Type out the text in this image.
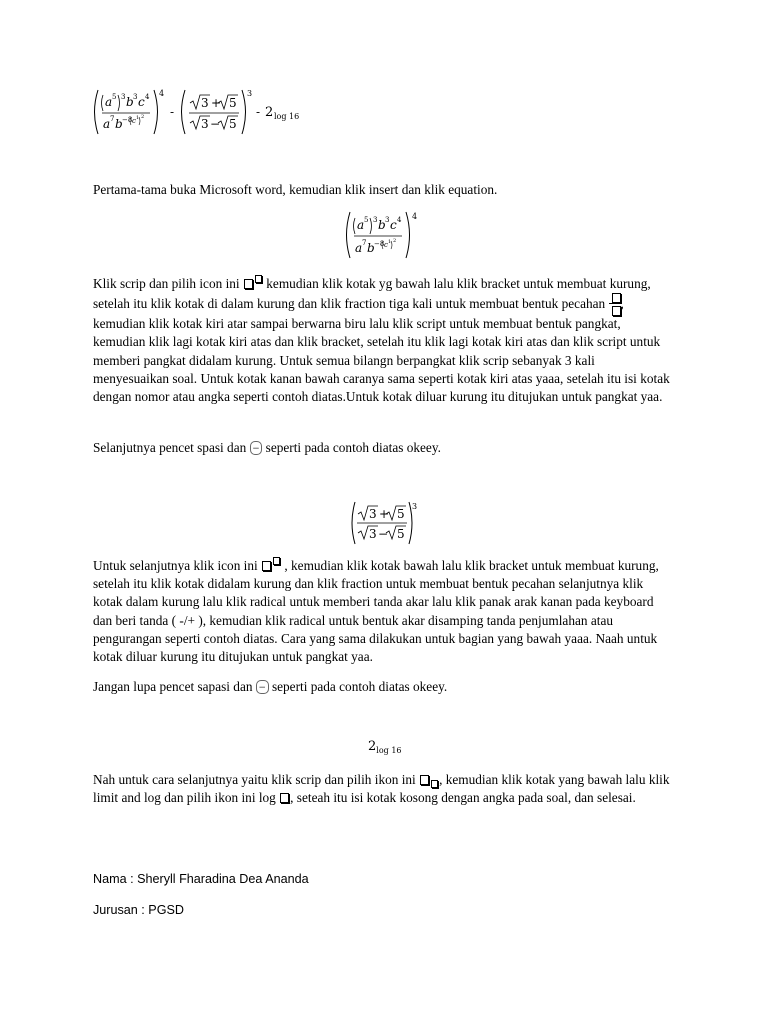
a 5 3 b 3 c 4
a 7 b −8 c 1 2
4
-
3 + 5
3 − 5
3
- 2 log 16

Pertama-tama buka Microsoft word, kemudian klik insert dan klik equation.

a 5 3 b 3 c 4
a 7 b −8 c 1 2
4

Klik scrip dan pilih icon ini  kemudian klik kotak yg bawah lalu klik bracket untuk membuat kurung, setelah itu klik kotak di dalam kurung dan klik fraction tiga kali untuk membuat bentuk pecahan
, kemudian klik kotak kiri atar sampai berwarna biru lalu klik script untuk membuat bentuk pangkat, kemudian klik lagi kotak kiri atas dan klik bracket, setelah itu klik lagi kotak kiri atas dan klik script untuk memberi pangkat didalam kurung. Untuk semua bilangn berpangkat klik scrip sebanyak 3 kali menyesuaikan soal. Untuk kotak kanan bawah caranya sama seperti kotak kiri atas yaaa, setelah itu isi kotak dengan nomor atau angka seperti contoh diatas.Untuk kotak diluar kurung itu ditujukan untuk pangkat yaa.

Selanjutnya pencet spasi dan − seperti pada contoh diatas okeey.

3 + 5
3 − 5
3

Untuk selanjutnya klik icon ini  , kemudian klik kotak bawah lalu klik bracket untuk membuat kurung, setelah itu klik kotak didalam kurung dan klik fraction untuk membuat bentuk pecahan selanjutnya klik kotak dalam kurung lalu klik radical untuk memberi tanda akar lalu klik panak arak kanan pada keyboard dan beri tanda ( -/+ ), kemudian klik radical untuk bentuk akar disamping tanda penjumlahan atau pengurangan seperti contoh diatas. Cara yang sama dilakukan untuk bagian yang bawah yaaa. Naah untuk kotak diluar kurung itu ditujukan untuk pangkat yaa.

Jangan lupa pencet sapasi dan − seperti pada contoh diatas okeey.

$2_{log 16}$

Nah untuk cara selanjutnya yaitu klik scrip dan pilih ikon ini , kemudian klik kotak yang bawah lalu klik limit and log dan pilih ikon ini log , seteah itu isi kotak kosong dengan angka pada soal, dan selesai.

Nama : Sheryll Fharadina Dea Ananda

Jurusan : PGSD
